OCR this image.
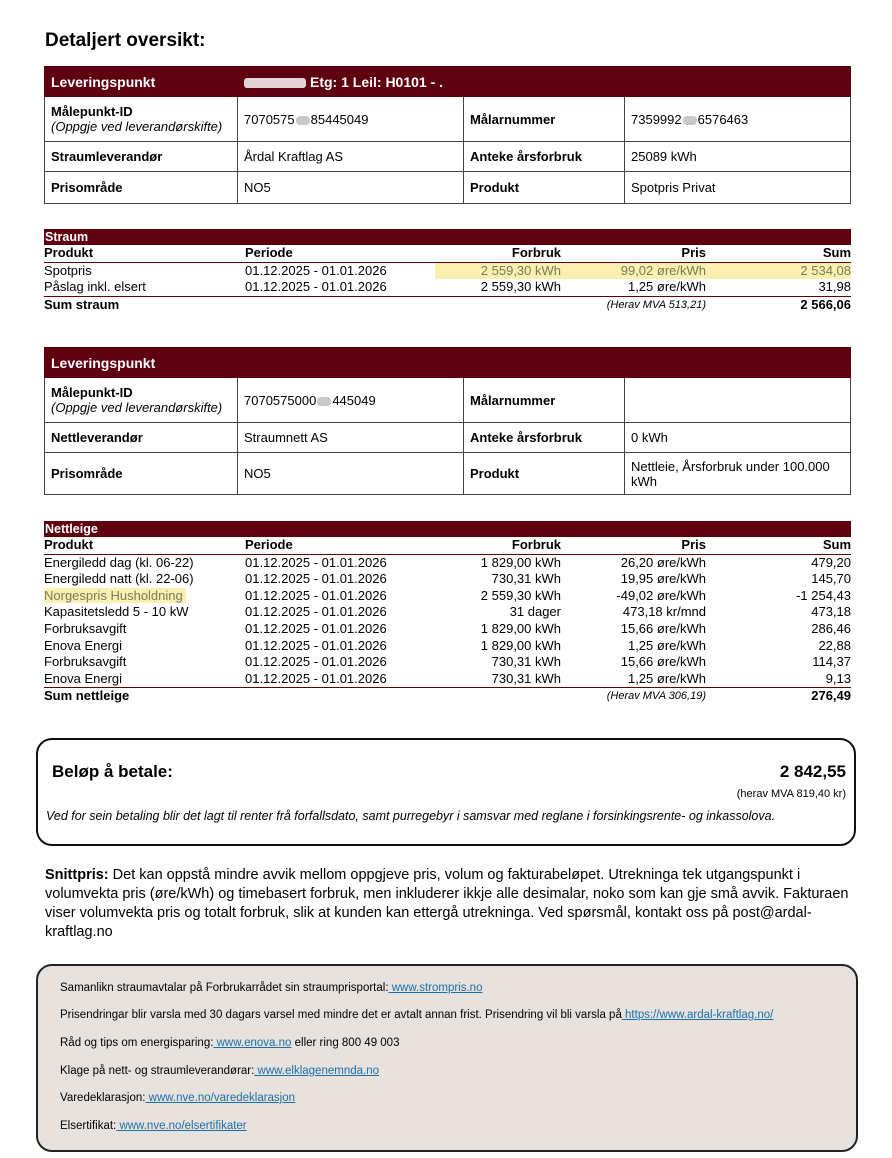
Detaljert oversikt:
Leveringspunkt	Etg: 1 Leil: H0101 - .		
Målepunkt-ID
(Oppgje ved leverandørskifte)	7070575 85445049	Målarnummer	7359992 6576463
Straumleverandør	Årdal Kraftlag AS	Anteke årsforbruk	25089 kWh
Prisområde	NO5	Produkt	Spotpris Privat
Straum
Produkt	Periode	Forbruk	Pris	Sum
Spotpris	01.12.2025 - 01.01.2026	2 559,30 kWh	99,02 øre/kWh	2 534,08
Påslag inkl. elsert	01.12.2025 - 01.01.2026	2 559,30 kWh	1,25 øre/kWh	31,98
Sum straum	(Herav MVA 513,21)	2 566,06
Leveringspunkt			
Målepunkt-ID
(Oppgje ved leverandørskifte)	7070575000 445049	Målarnummer	
Nettleverandør	Straumnett AS	Anteke årsforbruk	0 kWh
Prisområde	NO5	Produkt	Nettleie, Årsforbruk under 100.000 kWh
Nettleige
Produkt	Periode	Forbruk	Pris	Sum
Energiledd dag (kl. 06-22)	01.12.2025 - 01.01.2026	1 829,00 kWh	26,20 øre/kWh	479,20
Energiledd natt (kl. 22-06)	01.12.2025 - 01.01.2026	730,31 kWh	19,95 øre/kWh	145,70
Norgespris Husholdning	01.12.2025 - 01.01.2026	2 559,30 kWh	-49,02 øre/kWh	-1 254,43
Kapasitetsledd 5 - 10 kW	01.12.2025 - 01.01.2026	31 dager	473,18 kr/mnd	473,18
Forbruksavgift	01.12.2025 - 01.01.2026	1 829,00 kWh	15,66 øre/kWh	286,46
Enova Energi	01.12.2025 - 01.01.2026	1 829,00 kWh	1,25 øre/kWh	22,88
Forbruksavgift	01.12.2025 - 01.01.2026	730,31 kWh	15,66 øre/kWh	114,37
Enova Energi	01.12.2025 - 01.01.2026	730,31 kWh	1,25 øre/kWh	9,13
Sum nettleige	(Herav MVA 306,19)	276,49
Beløp å betale:	2 842,55
(herav MVA 819,40 kr)
Ved for sein betaling blir det lagt til renter frå forfallsdato, samt purregebyr i samsvar med reglane i forsinkingsrente- og inkassolova.
Snittpris: Det kan oppstå mindre avvik mellom oppgjeve pris, volum og fakturabeløpet. Utrekninga tek utgangspunkt i volumvekta pris (øre/kWh) og timebasert forbruk, men inkluderer ikkje alle desimalar, noko som kan gje små avvik. Fakturaen viser volumvekta pris og totalt forbruk, slik at kunden kan ettergå utrekninga. Ved spørsmål, kontakt oss på post@ardal-kraftlag.no
Samanlikn straumavtalar på Forbrukarrådet sin straumprisportal: www.strompris.no
Prisendringar blir varsla med 30 dagars varsel med mindre det er avtalt annan frist. Prisendring vil bli varsla på https://www.ardal-kraftlag.no/
Råd og tips om energisparing: www.enova.no eller ring 800 49 003
Klage på nett- og straumleverandørar: www.elklagenemnda.no
Varedeklarasjon: www.nve.no/varedeklarasjon
Elsertifikat: www.nve.no/elsertifikater
